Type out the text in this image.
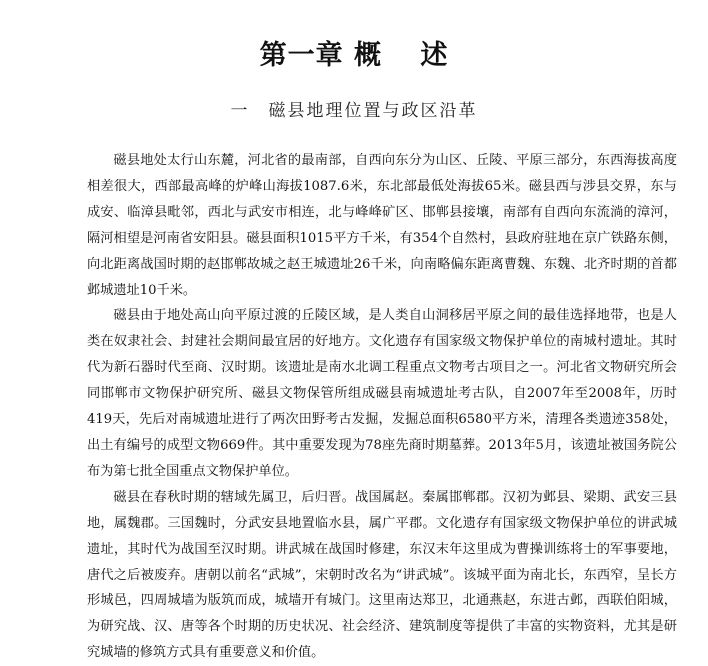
第一章 概　 述
一　磁县地理位置与政区沿革

磁县地处太行山东麓，河北省的最南部，自西向东分为山区、丘陵、平原三部分，东西海拔高度相差很大，西部最高峰的炉峰山海拔1087.6米，东北部最低处海拔65米。磁县西与涉县交界，东与成安、临漳县毗邻，西北与武安市相连，北与峰峰矿区、邯郸县接壤，南部有自西向东流淌的漳河，隔河相望是河南省安阳县。磁县面积1015平方千米，有354个自然村，县政府驻地在京广铁路东侧，向北距离战国时期的赵邯郸故城之赵王城遗址26千米，向南略偏东距离曹魏、东魏、北齐时期的首都邺城遗址10千米。

磁县由于地处高山向平原过渡的丘陵区域，是人类自山洞移居平原之间的最佳选择地带，也是人类在奴隶社会、封建社会期间最宜居的好地方。文化遗存有国家级文物保护单位的南城村遗址。其时代为新石器时代至商、汉时期。该遗址是南水北调工程重点文物考古项目之一。河北省文物研究所会同邯郸市文物保护研究所、磁县文物保管所组成磁县南城遗址考古队，自2007年至2008年，历时419天，先后对南城遗址进行了两次田野考古发掘，发掘总面积6580平方米，清理各类遗迹358处，出土有编号的成型文物669件。其中重要发现为78座先商时期墓葬。2013年5月，该遗址被国务院公布为第七批全国重点文物保护单位。

磁县在春秋时期的辖域先属卫，后归晋。战国属赵。秦属邯郸郡。汉初为邺县、梁期、武安三县地，属魏郡。三国魏时，分武安县地置临水县，属广平郡。文化遗存有国家级文物保护单位的讲武城遗址，其时代为战国至汉时期。讲武城在战国时修建，东汉末年这里成为曹操训练将士的军事要地，唐代之后被废弃。唐朝以前名“武城”，宋朝时改名为“讲武城”。该城平面为南北长，东西窄，呈长方形城邑，四周城墙为版筑而成，城墙开有城门。这里南达郑卫，北通燕赵，东进古邺，西联伯阳城，为研究战、汉、唐等各个时期的历史状况、社会经济、建筑制度等提供了丰富的实物资料，尤其是研究城墙的修筑方式具有重要意义和价值。
